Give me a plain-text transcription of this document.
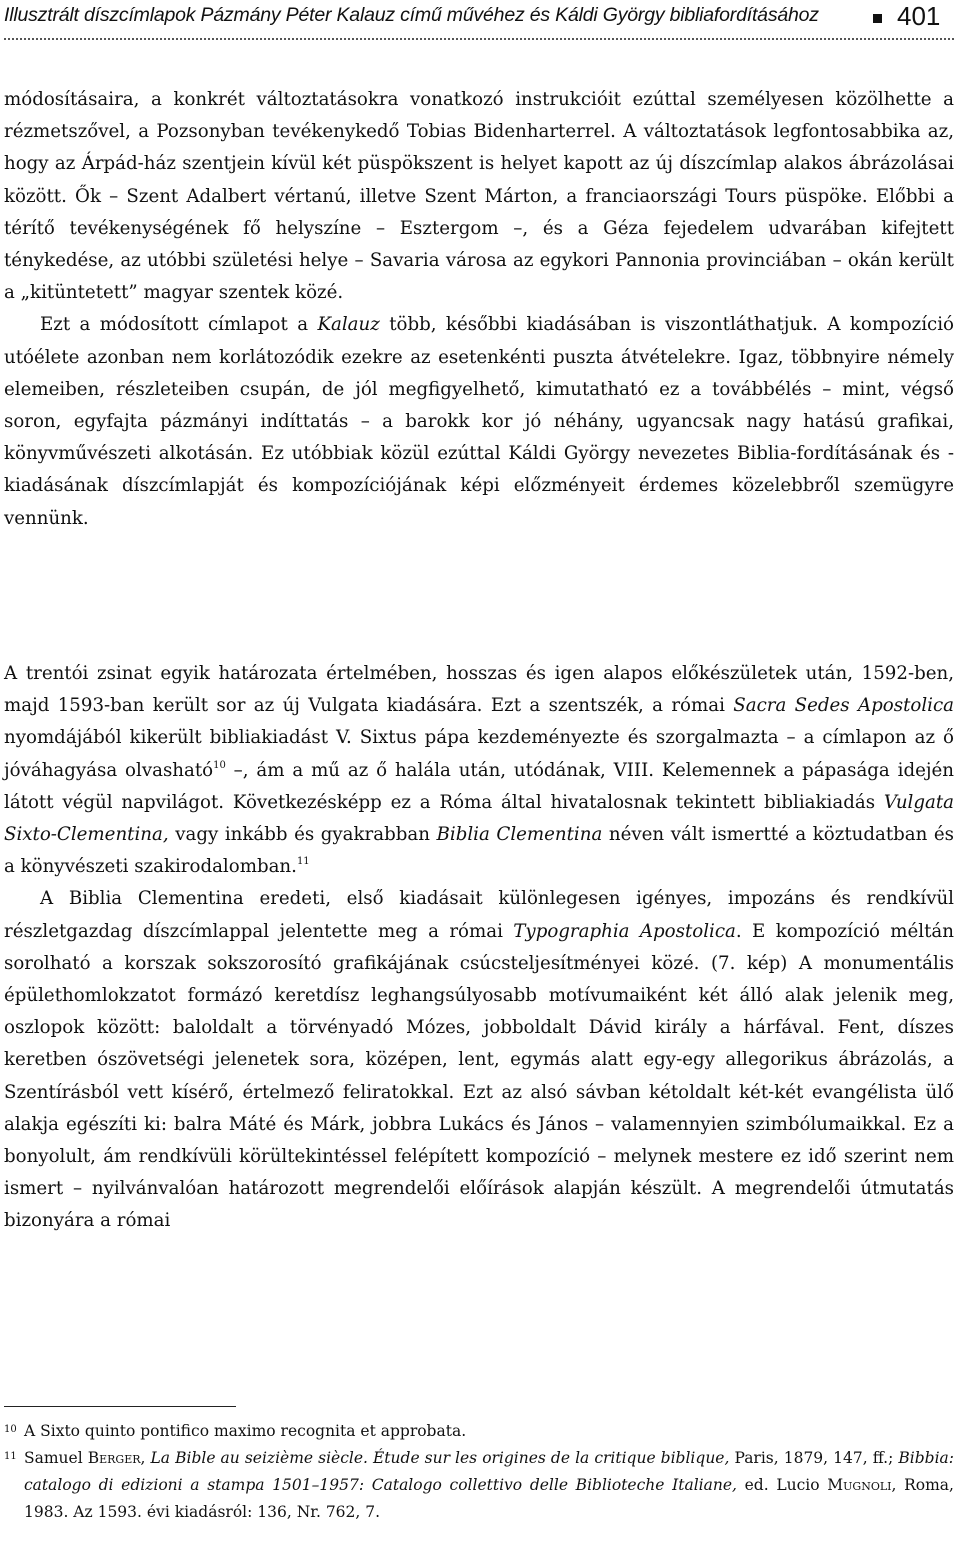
Illusztrált díszcímlapok Pázmány Péter Kalauz című művéhez és Káldi György bibliafordításához	401

módosításaira, a konkrét változtatásokra vonatkozó instrukcióit ezúttal személyesen közölhette a rézmetszővel, a Pozsonyban tevékenykedő Tobias Bidenharterrel. A változtatások legfontosabbika az, hogy az Árpád-ház szentjein kívül két püspökszent is helyet kapott az új díszcímlap alakos ábrázolásai között. Ők – Szent Adalbert vértanú, illetve Szent Márton, a franciaországi Tours püspöke. Előbbi a térítő tevékenységének fő helyszíne – Esztergom –, és a Géza fejedelem udvarában kifejtett ténykedése, az utóbbi születési helye – Savaria városa az egykori Pannonia provinciában – okán került a „kitüntetett” magyar szentek közé.

Ezt a módosított címlapot a Kalauz több, későbbi kiadásában is viszontláthatjuk. A kompozíció utóélete azonban nem korlátozódik ezekre az esetenkénti puszta átvételekre. Igaz, többnyire némely elemeiben, részleteiben csupán, de jól megfigyelhető, kimutatható ez a továbbélés – mint, végső soron, egyfajta pázmányi indíttatás – a barokk kor jó néhány, ugyancsak nagy hatású grafikai, könyvművészeti alkotásán. Ez utóbbiak közül ezúttal Káldi György nevezetes Biblia-fordításának és -kiadásának díszcímlapját és kompozíciójának képi előzményeit érdemes közelebbről szemügyre vennünk.

A trentói zsinat egyik határozata értelmében, hosszas és igen alapos előkészületek után, 1592-ben, majd 1593-ban került sor az új Vulgata kiadására. Ezt a szentszék, a római Sacra Sedes Apostolica nyomdájából kikerült bibliakiadást V. Sixtus pápa kezdeményezte és szorgalmazta – a címlapon az ő jóváhagyása olvasható$^{10}$ –, ám a mű az ő halála után, utódának, VIII. Kelemennek a pápasága idején látott végül napvilágot. Következésképp ez a Róma által hivatalosnak tekintett bibliakiadás Vulgata Sixto-Clementina, vagy inkább és gyakrabban Biblia Clementina néven vált ismertté a köztudatban és a könyvészeti szakirodalomban.$^{11}$

A Biblia Clementina eredeti, első kiadásait különlegesen igényes, impozáns és rendkívül részletgazdag díszcímlappal jelentette meg a római Typographia Apostolica. E kompozíció méltán sorolható a korszak sokszorosító grafikájának csúcsteljesítményei közé. (7. kép) A monumentális épülethomlokzatot formázó keretdísz leghangsúlyosabb motívumaiként két álló alak jelenik meg, oszlopok között: baloldalt a törvényadó Mózes, jobboldalt Dávid király a hárfával. Fent, díszes keretben ószövetségi jelenetek sora, középen, lent, egymás alatt egy-egy allegorikus ábrázolás, a Szentírásból vett kísérő, értelmező feliratokkal. Ezt az alsó sávban kétoldalt két-két evangélista ülő alakja egészíti ki: balra Máté és Márk, jobbra Lukács és János – valamennyien szimbólumaikkal. Ez a bonyolult, ám rendkívüli körültekintéssel felépített kompozíció – melynek mestere ez idő szerint nem ismert – nyilvánvalóan határozott megrendelői előírások alapján készült. A megrendelői útmutatás bizonyára a római

10 A Sixto quinto pontifico maximo recognita et approbata.
11 Samuel Berger, La Bible au seizième siècle. Étude sur les origines de la critique biblique, Paris, 1879, 147, ff.; Bibbia: catalogo di edizioni a stampa 1501–1957: Catalogo collettivo delle Biblioteche Italiane, ed. Lucio Mugnoli, Roma, 1983. Az 1593. évi kiadásról: 136, Nr. 762, 7.
